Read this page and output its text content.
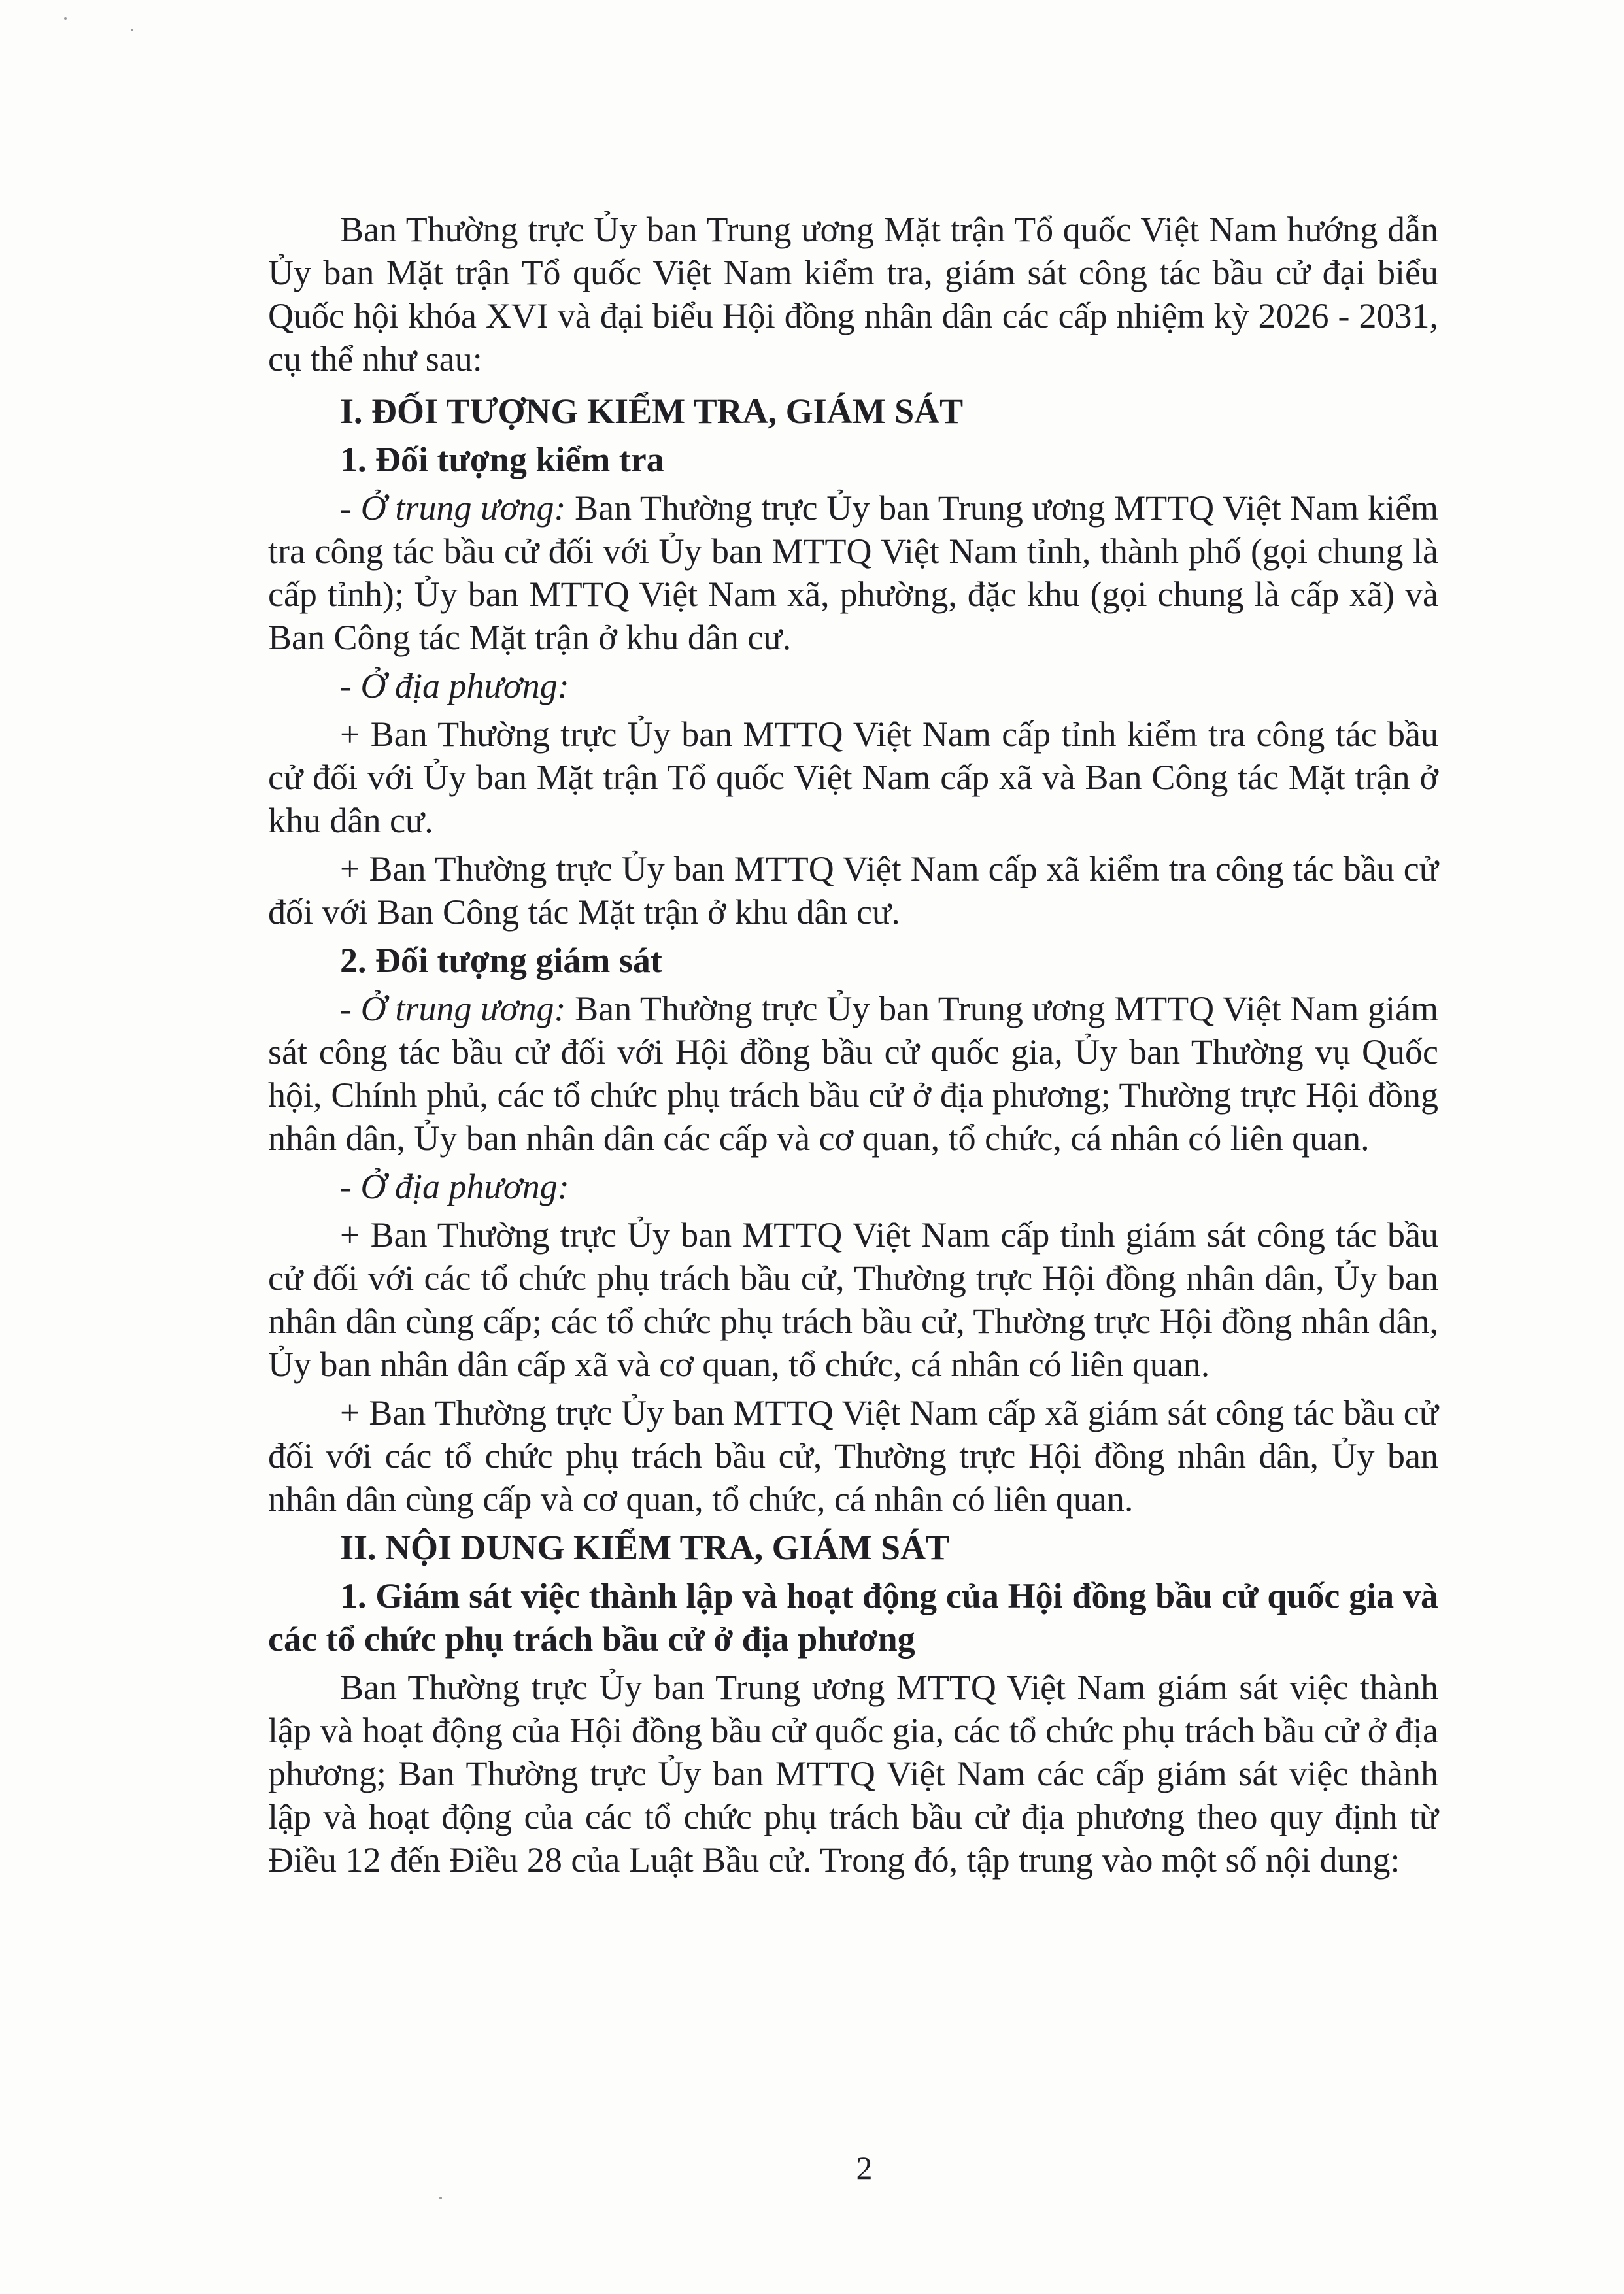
Ban Thường trực Ủy ban Trung ương Mặt trận Tổ quốc Việt Nam hướng dẫn Ủy ban Mặt trận Tổ quốc Việt Nam kiểm tra, giám sát công tác bầu cử đại biểu Quốc hội khóa XVI và đại biểu Hội đồng nhân dân các cấp nhiệm kỳ 2026 - 2031, cụ thể như sau:

I. ĐỐI TƯỢNG KIỂM TRA, GIÁM SÁT

1. Đối tượng kiểm tra

- Ở trung ương: Ban Thường trực Ủy ban Trung ương MTTQ Việt Nam kiểm tra công tác bầu cử đối với Ủy ban MTTQ Việt Nam tỉnh, thành phố (gọi chung là cấp tỉnh); Ủy ban MTTQ Việt Nam xã, phường, đặc khu (gọi chung là cấp xã) và Ban Công tác Mặt trận ở khu dân cư.

- Ở địa phương:

+ Ban Thường trực Ủy ban MTTQ Việt Nam cấp tỉnh kiểm tra công tác bầu cử đối với Ủy ban Mặt trận Tổ quốc Việt Nam cấp xã và Ban Công tác Mặt trận ở khu dân cư.

+ Ban Thường trực Ủy ban MTTQ Việt Nam cấp xã kiểm tra công tác bầu cử đối với Ban Công tác Mặt trận ở khu dân cư.

2. Đối tượng giám sát

- Ở trung ương: Ban Thường trực Ủy ban Trung ương MTTQ Việt Nam giám sát công tác bầu cử đối với Hội đồng bầu cử quốc gia, Ủy ban Thường vụ Quốc hội, Chính phủ, các tổ chức phụ trách bầu cử ở địa phương; Thường trực Hội đồng nhân dân, Ủy ban nhân dân các cấp và cơ quan, tổ chức, cá nhân có liên quan.

- Ở địa phương:

+ Ban Thường trực Ủy ban MTTQ Việt Nam cấp tỉnh giám sát công tác bầu cử đối với các tổ chức phụ trách bầu cử, Thường trực Hội đồng nhân dân, Ủy ban nhân dân cùng cấp; các tổ chức phụ trách bầu cử, Thường trực Hội đồng nhân dân, Ủy ban nhân dân cấp xã và cơ quan, tổ chức, cá nhân có liên quan.

+ Ban Thường trực Ủy ban MTTQ Việt Nam cấp xã giám sát công tác bầu cử đối với các tổ chức phụ trách bầu cử, Thường trực Hội đồng nhân dân, Ủy ban nhân dân cùng cấp và cơ quan, tổ chức, cá nhân có liên quan.

II. NỘI DUNG KIỂM TRA, GIÁM SÁT

1. Giám sát việc thành lập và hoạt động của Hội đồng bầu cử quốc gia và các tổ chức phụ trách bầu cử ở địa phương

Ban Thường trực Ủy ban Trung ương MTTQ Việt Nam giám sát việc thành lập và hoạt động của Hội đồng bầu cử quốc gia, các tổ chức phụ trách bầu cử ở địa phương; Ban Thường trực Ủy ban MTTQ Việt Nam các cấp giám sát việc thành lập và hoạt động của các tổ chức phụ trách bầu cử địa phương theo quy định từ Điều 12 đến Điều 28 của Luật Bầu cử. Trong đó, tập trung vào một số nội dung:

2
